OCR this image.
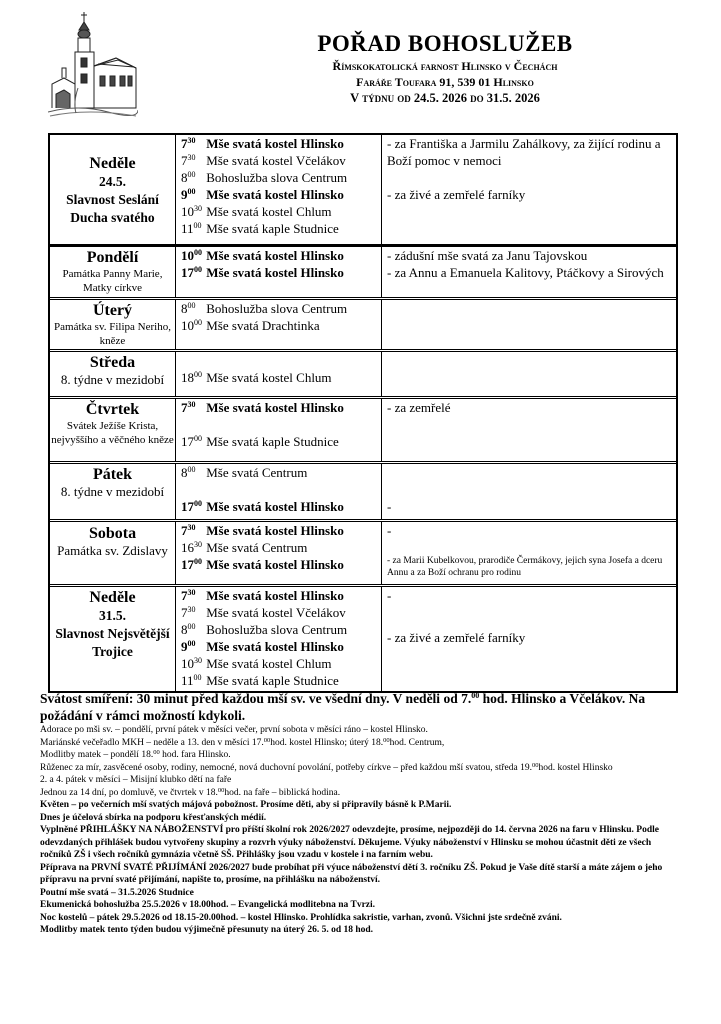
POŘAD BOHOSLUŽEB
Římskokatolická farnost Hlinsko v Čechách
Faráře Toufara 91, 539 01 Hlinsko
V týdnu od 24.5. 2026 do 31.5. 2026
Neděle
24.5.
Slavnost Seslání Ducha svatého
$7^{30}$ Mše svatá kostel Hlinsko
$7^{30}$ Mše svatá kostel Včelákov
$8^{00}$ Bohoslužba slova Centrum
$9^{00}$ Mše svatá kostel Hlinsko
$10^{30}$ Mše svatá kostel Chlum
$11^{00}$ Mše svatá kaple Studnice
- za Františka a Jarmilu Zahálkovy, za žijící rodinu a Boží pomoc v nemoci
- za živé a zemřelé farníky
Pondělí
Památka Panny Marie, Matky církve
$10^{00}$ Mše svatá kostel Hlinsko
$17^{00}$ Mše svatá kostel Hlinsko
- zádušní mše svatá za Janu Tajovskou
- za Annu a Emanuela Kalitovy, Ptáčkovy a Sirových
Úterý
Památka sv. Filipa Neriho, kněze
$8^{00}$ Bohoslužba slova Centrum
$10^{00}$ Mše svatá Drachtinka
Středa
8. týdne v mezidobí	$18^{00}$ Mše svatá kostel Chlum
Čtvrtek
Svátek Ježíše Krista, nejvyššího a věčného kněze
$7^{30}$ Mše svatá kostel Hlinsko
$17^{00}$ Mše svatá kaple Studnice
- za zemřelé
Pátek
8. týdne v mezidobí
$8^{00}$ Mše svatá Centrum
$17^{00}$ Mše svatá kostel Hlinsko	-
Sobota
Památka sv. Zdislavy
$7^{30}$ Mše svatá kostel Hlinsko
$16^{30}$ Mše svatá Centrum
$17^{00}$ Mše svatá kostel Hlinsko
-
- za Marii Kubelkovou, prarodiče Čermákovy, jejich syna Josefa a dceru Annu a za Boží ochranu pro rodinu
Neděle
31.5.
Slavnost Nejsvětější Trojice
$7^{30}$ Mše svatá kostel Hlinsko
$7^{30}$ Mše svatá kostel Včelákov
$8^{00}$ Bohoslužba slova Centrum
$9^{00}$ Mše svatá kostel Hlinsko
$10^{30}$ Mše svatá kostel Chlum
$11^{00}$ Mše svatá kaple Studnice
-
- za živé a zemřelé farníky
Svátost smíření: 30 minut před každou mší sv. ve všední dny. V neděli od 7.00 hod. Hlinsko a Včelákov. Na požádání v rámci možností kdykoli.
Adorace po mši sv. – pondělí, první pátek v měsíci večer, první sobota v měsíci ráno – kostel Hlinsko.
Mariánské večeřadlo MKH – neděle a 13. den v měsíci 17.00hod. kostel Hlinsko; úterý 18.00hod. Centrum,
Modlitby matek – pondělí 18.00 hod. fara Hlinsko.
Růženec za mír, zasvěcené osoby, rodiny, nemocné, nová duchovní povolání, potřeby církve – před každou mší svatou, středa 19.00hod. kostel Hlinsko
2. a 4. pátek v měsíci – Misijní klubko dětí na faře
Jednou za 14 dní, po domluvě, ve čtvrtek v 18.00hod. na faře – biblická hodina.
Květen – po večerních mší svatých májová pobožnost. Prosíme děti, aby si připravily básně k P.Marii.
Dnes je účelová sbírka na podporu křesťanských médií.
Vyplněné PŘIHLÁŠKY NA NÁBOŽENSTVÍ pro příští školní rok 2026/2027 odevzdejte, prosíme, nejpozději do 14. června 2026 na faru v Hlinsku. Podle odevzdaných přihlášek budou vytvořeny skupiny a rozvrh výuky náboženství. Děkujeme. Výuky náboženství v Hlinsku se mohou účastnit děti ze všech ročníků ZŠ i všech ročníků gymnázia včetně SŠ. Přihlášky jsou vzadu v kostele i na farním webu.
Příprava na PRVNÍ SVATÉ PŘIJÍMÁNÍ 2026/2027 bude probíhat při výuce náboženství dětí 3. ročníku ZŠ. Pokud je Vaše dítě starší a máte zájem o jeho přípravu na první svaté přijímání, napište to, prosíme, na přihlášku na náboženství.
Poutní mše svatá – 31.5.2026 Studnice
Ekumenická bohoslužba 25.5.2026 v 18.00hod. – Evangelická modlitebna na Tvrzi.
Noc kostelů – pátek 29.5.2026 od 18.15-20.00hod. – kostel Hlinsko. Prohlídka sakristie, varhan, zvonů. Všichni jste srdečně zváni.
Modlitby matek tento týden budou výjimečně přesunuty na úterý 26. 5. od 18 hod.
